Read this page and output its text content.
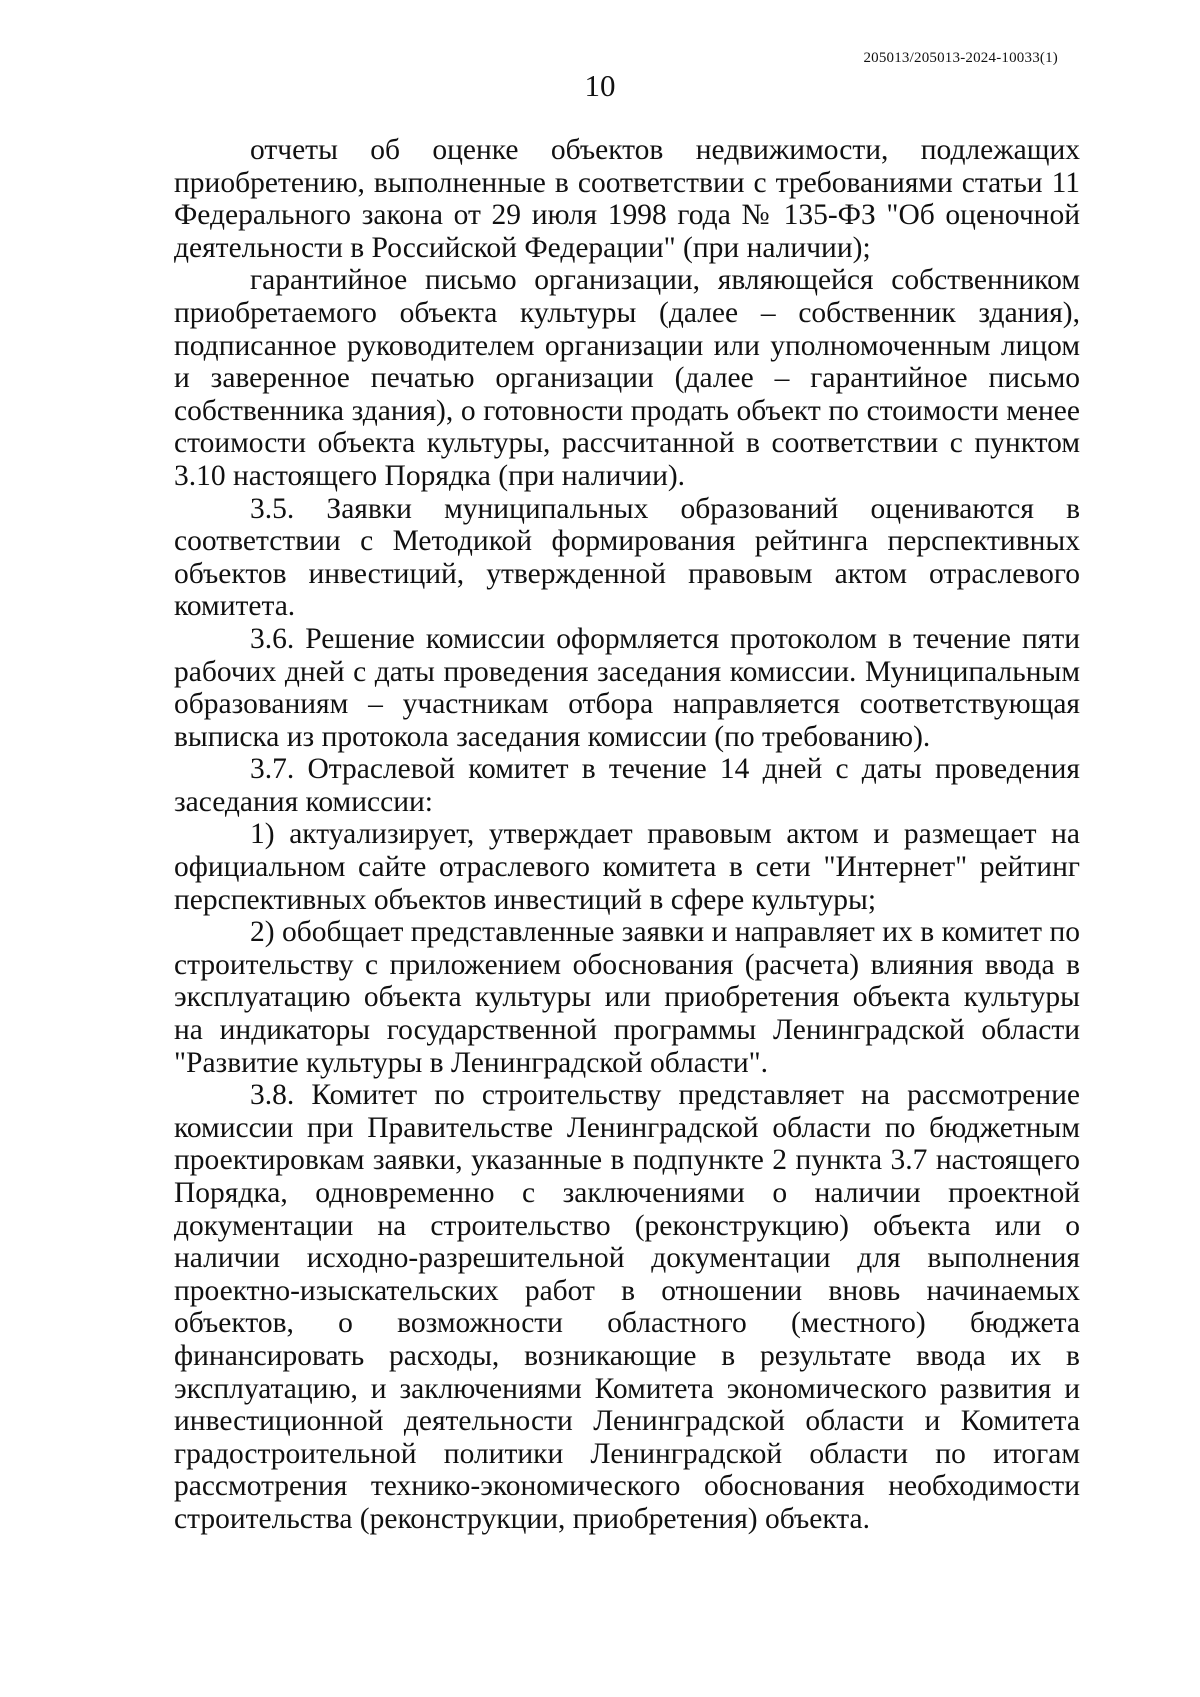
205013/205013-2024-10033(1)
10

отчеты об оценке объектов недвижимости, подлежащих приобретению, выполненные в соответствии с требованиями статьи 11 Федерального закона от 29 июля 1998 года № 135-ФЗ "Об оценочной деятельности в Российской Федерации" (при наличии);

гарантийное письмо организации, являющейся собственником приобретаемого объекта культуры (далее – собственник здания), подписанное руководителем организации или уполномоченным лицом и заверенное печатью организации (далее – гарантийное письмо собственника здания), о готовности продать объект по стоимости менее стоимости объекта культуры, рассчитанной в соответствии с пунктом 3.10 настоящего Порядка (при наличии).

3.5. Заявки муниципальных образований оцениваются в соответствии с Методикой формирования рейтинга перспективных объектов инвестиций, утвержденной правовым актом отраслевого комитета.

3.6. Решение комиссии оформляется протоколом в течение пяти рабочих дней с даты проведения заседания комиссии. Муниципальным образованиям – участникам отбора направляется соответствующая выписка из протокола заседания комиссии (по требованию).

3.7. Отраслевой комитет в течение 14 дней с даты проведения заседания комиссии:

1) актуализирует, утверждает правовым актом и размещает на официальном сайте отраслевого комитета в сети "Интернет" рейтинг перспективных объектов инвестиций в сфере культуры;

2) обобщает представленные заявки и направляет их в комитет по строительству с приложением обоснования (расчета) влияния ввода в эксплуатацию объекта культуры или приобретения объекта культуры на индикаторы государственной программы Ленинградской области "Развитие культуры в Ленинградской области".

3.8. Комитет по строительству представляет на рассмотрение комиссии при Правительстве Ленинградской области по бюджетным проектировкам заявки, указанные в подпункте 2 пункта 3.7 настоящего Порядка, одновременно с заключениями о наличии проектной документации на строительство (реконструкцию) объекта или о наличии исходно-разрешительной документации для выполнения проектно-изыскательских работ в отношении вновь начинаемых объектов, о возможности областного (местного) бюджета финансировать расходы, возникающие в результате ввода их в эксплуатацию, и заключениями Комитета экономического развития и инвестиционной деятельности Ленинградской области и Комитета градостроительной политики Ленинградской области по итогам рассмотрения технико-экономического обоснования необходимости строительства (реконструкции, приобретения) объекта.
